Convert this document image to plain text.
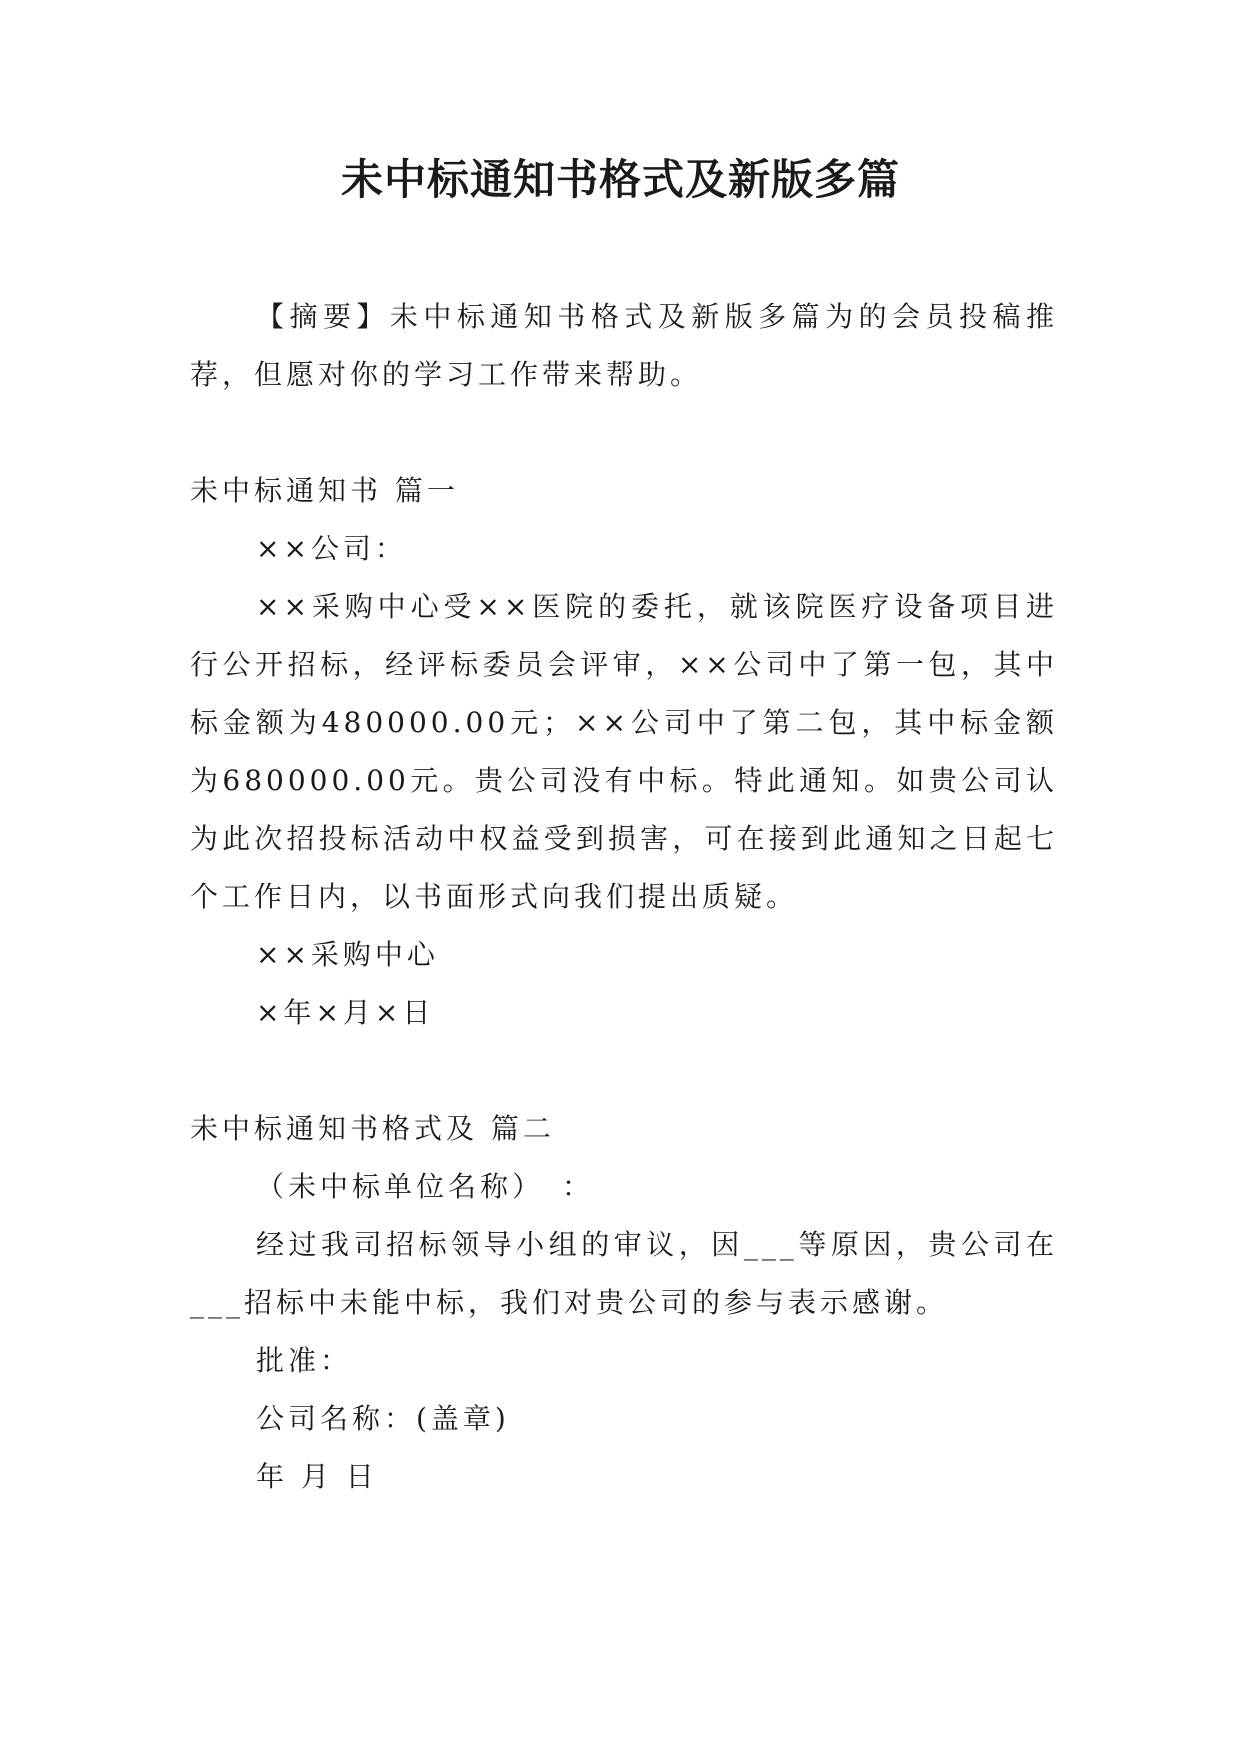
未中标通知书格式及新版多篇

【摘要】未中标通知书格式及新版多篇为的会员投稿推荐，但愿对你的学习工作带来帮助。

未中标通知书 篇一

××公司：

××采购中心受××医院的委托，就该院医疗设备项目进行公开招标，经评标委员会评审，××公司中了第一包，其中标金额为480000.00元；××公司中了第二包，其中标金额为680000.00元。贵公司没有中标。特此通知。如贵公司认为此次招投标活动中权益受到损害，可在接到此通知之日起七个工作日内，以书面形式向我们提出质疑。

××采购中心

×年×月×日

未中标通知书格式及 篇二

（未中标单位名称）　：

经过我司招标领导小组的审议，因___等原因，贵公司在___招标中未能中标，我们对贵公司的参与表示感谢。

批准：

公司名称：(盖章)

年 月 日
